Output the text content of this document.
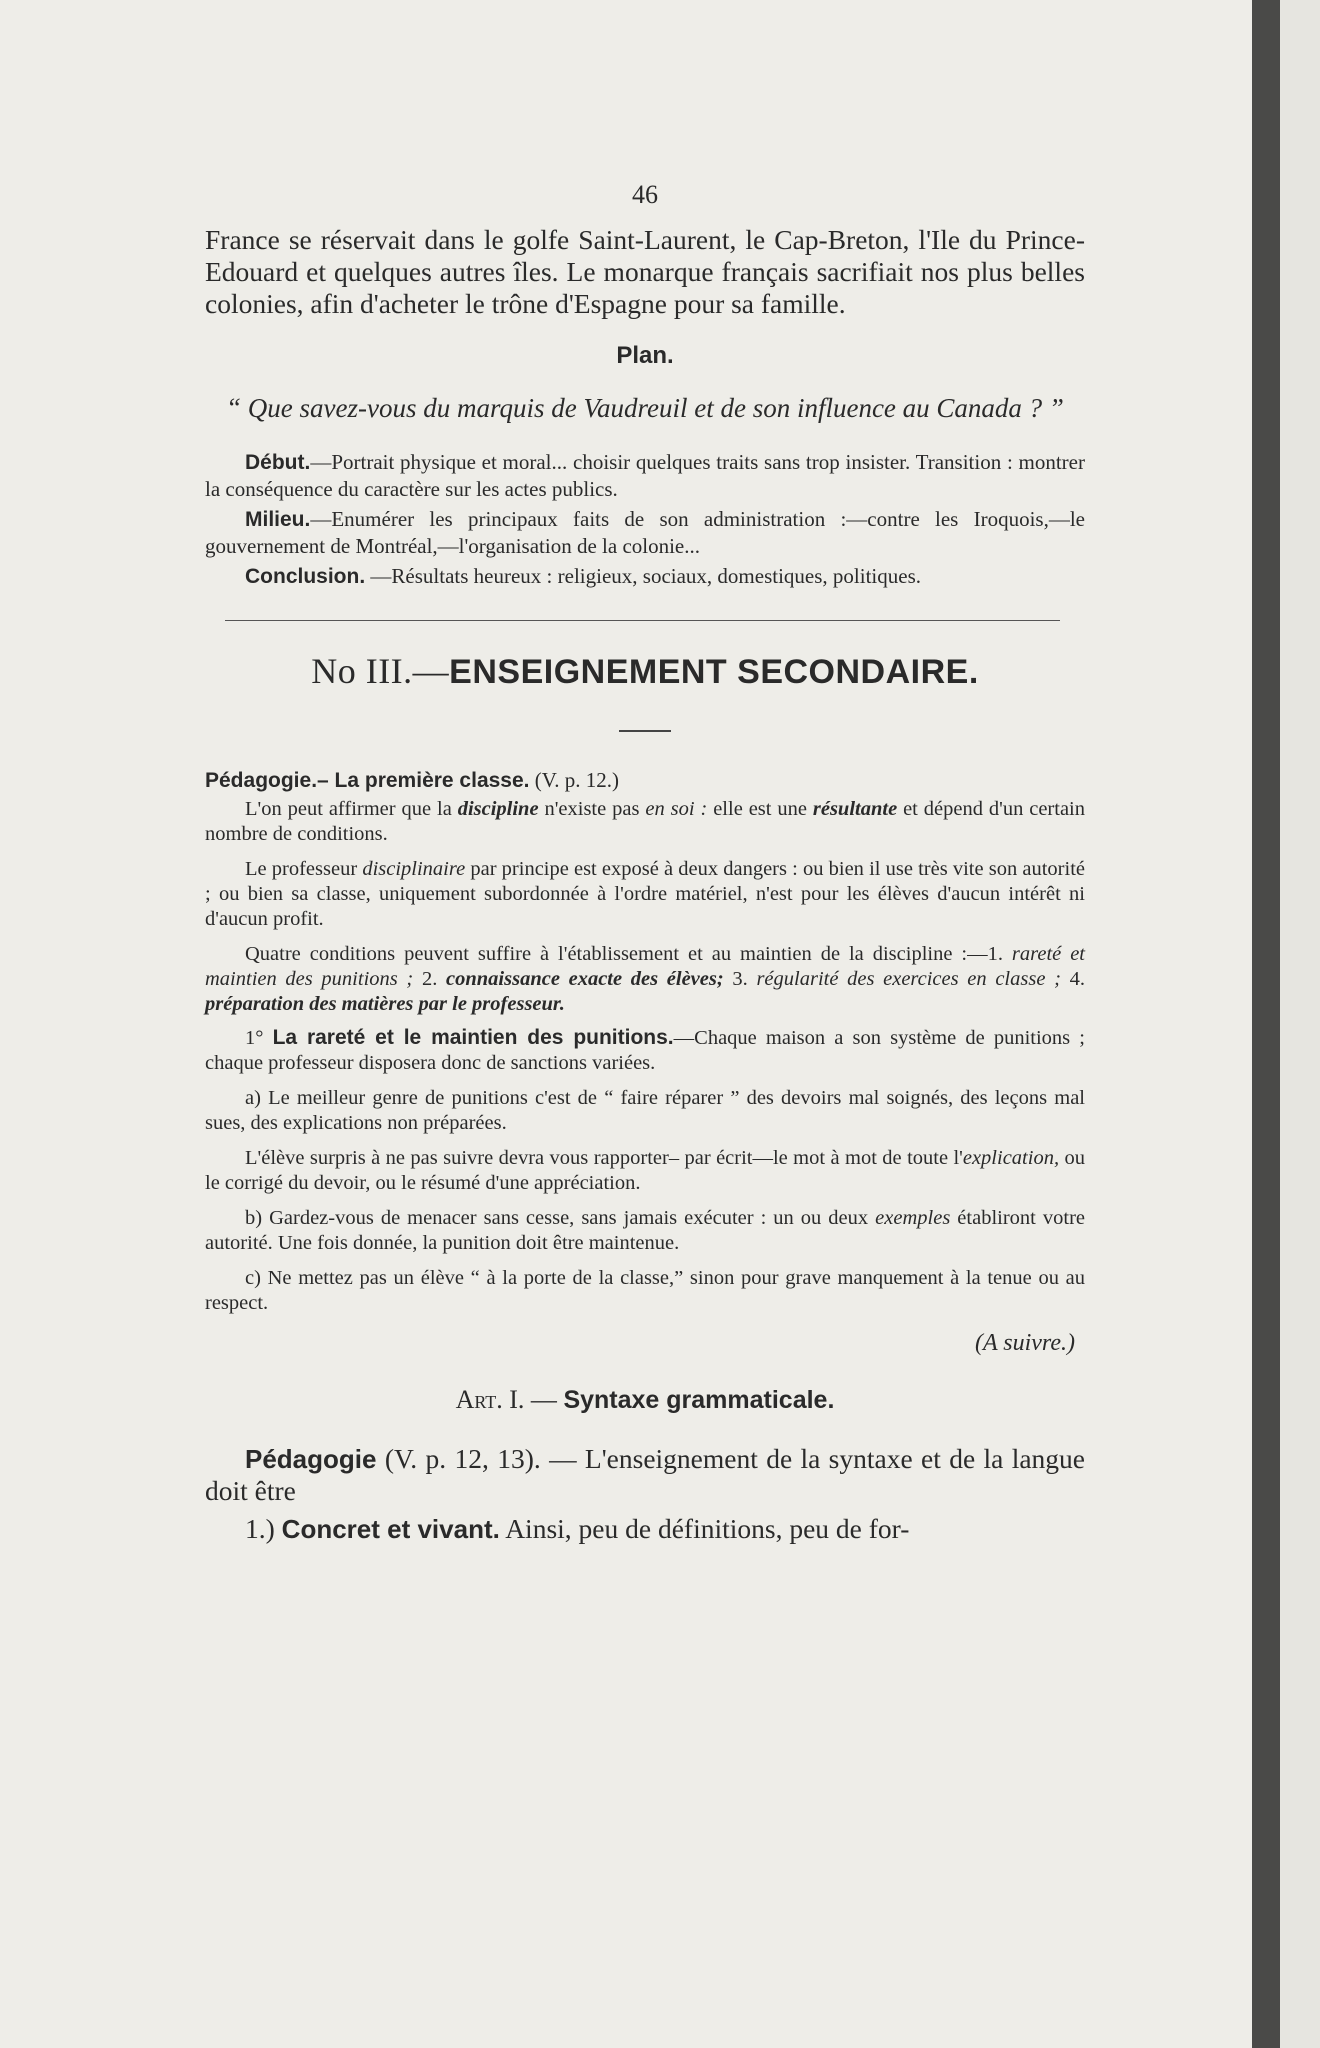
46

France se réservait dans le golfe Saint-Laurent, le Cap-Breton, l'Ile du Prince-Edouard et quelques autres îles. Le monarque français sacrifiait nos plus belles colonies, afin d'acheter le trône d'Espagne pour sa famille.

Plan.
“ Que savez-vous du marquis de Vaudreuil et de son influence au Canada ? ”

Début.—Portrait physique et moral... choisir quelques traits sans trop insister. Transition : montrer la conséquence du caractère sur les actes publics.

Milieu.—Enumérer les principaux faits de son administration :—contre les Iroquois,—le gouvernement de Montréal,—l'organisation de la colonie...

Conclusion. —Résultats heureux : religieux, sociaux, domestiques, politiques.

No III.—ENSEIGNEMENT SECONDAIRE.
Pédagogie.– La première classe. (V. p. 12.)

L'on peut affirmer que la discipline n'existe pas en soi : elle est une résultante et dépend d'un certain nombre de conditions.

Le professeur disciplinaire par principe est exposé à deux dangers : ou bien il use très vite son autorité ; ou bien sa classe, uniquement subordonnée à l'ordre matériel, n'est pour les élèves d'aucun intérêt ni d'aucun profit.

Quatre conditions peuvent suffire à l'établissement et au maintien de la discipline :—1. rareté et maintien des punitions ; 2. connaissance exacte des élèves; 3. régularité des exercices en classe ; 4. préparation des matières par le professeur.

1° La rareté et le maintien des punitions.—Chaque maison a son système de punitions ; chaque professeur disposera donc de sanctions variées.

a) Le meilleur genre de punitions c'est de “ faire réparer ” des devoirs mal soignés, des leçons mal sues, des explications non préparées.

L'élève surpris à ne pas suivre devra vous rapporter– par écrit—le mot à mot de toute l'explication, ou le corrigé du devoir, ou le résumé d'une appréciation.

b) Gardez-vous de menacer sans cesse, sans jamais exécuter : un ou deux exemples établiront votre autorité. Une fois donnée, la punition doit être maintenue.

c) Ne mettez pas un élève “ à la porte de la classe,” sinon pour grave manquement à la tenue ou au respect.

(A suivre.)
Art. I. — Syntaxe grammaticale.

Pédagogie (V. p. 12, 13). — L'enseignement de la syntaxe et de la langue doit être

1.) Concret et vivant. Ainsi, peu de définitions, peu de for-
